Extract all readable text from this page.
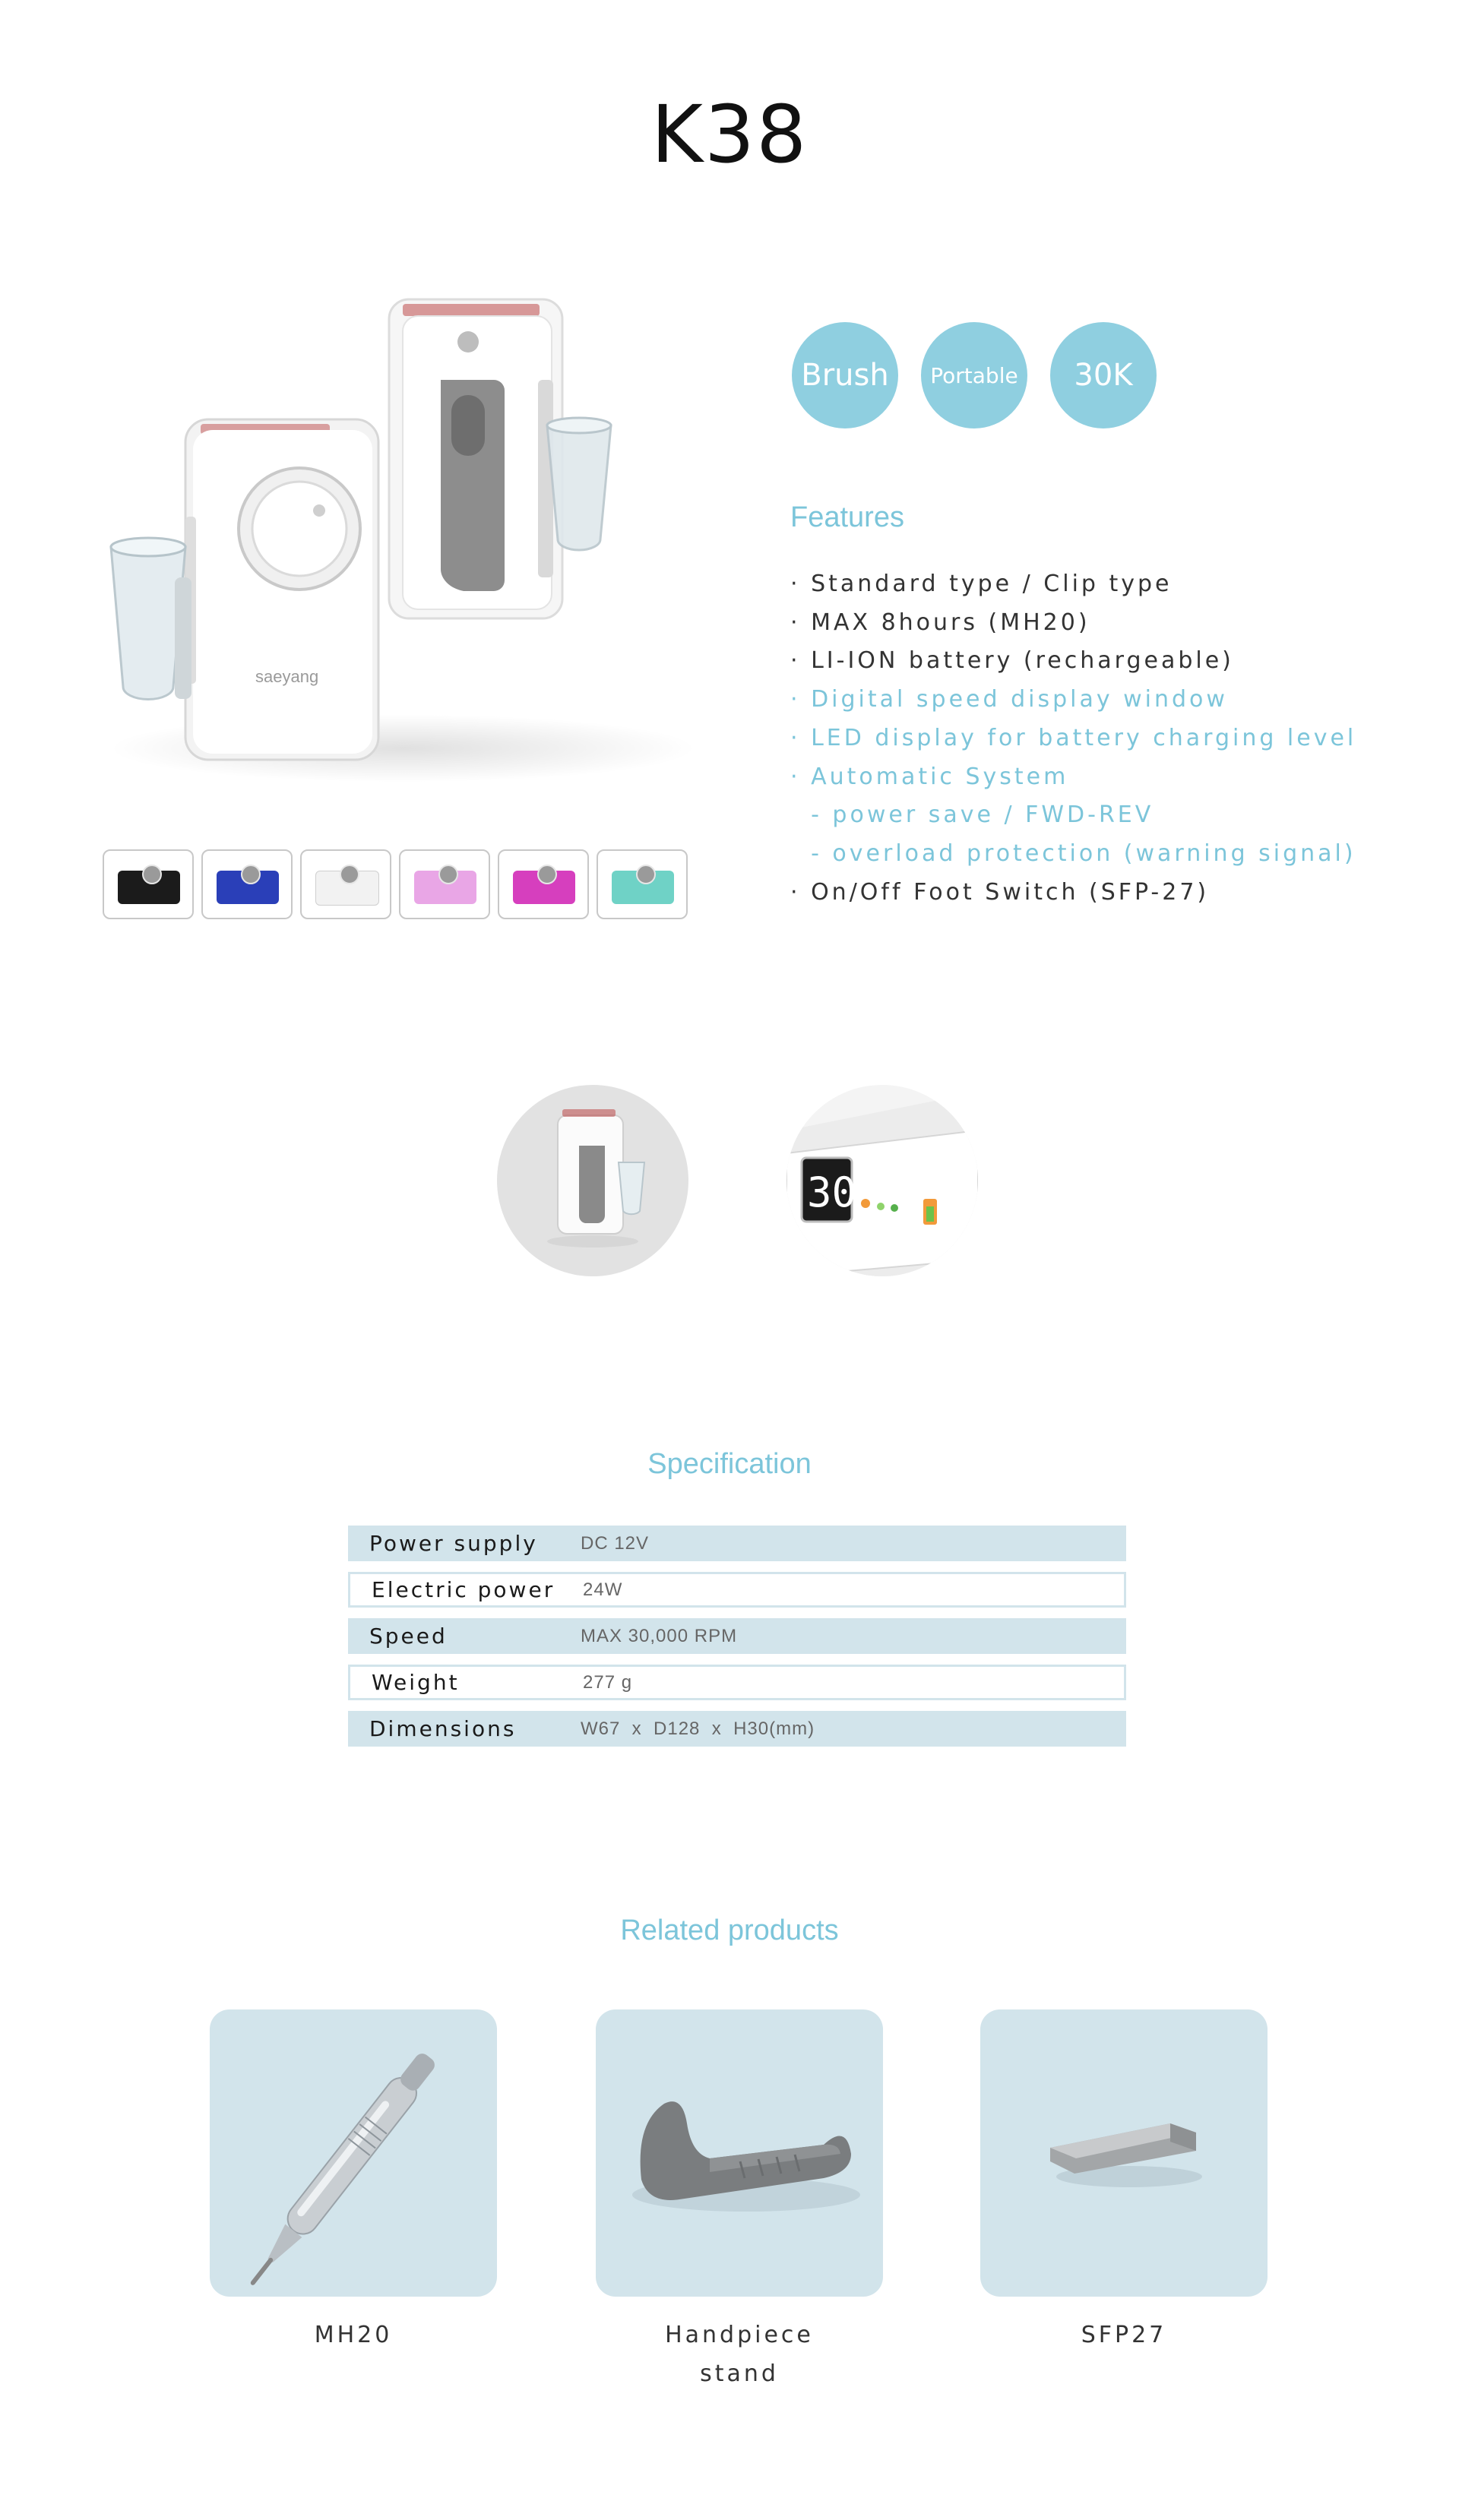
K38
saeyang
Brush	Portable	30K
Features
· Standard type / Clip type
· MAX 8hours (MH20)
· LI-ION battery (rechargeable)
· Digital speed display window
· LED display for battery charging level
· Automatic System
- power save / FWD-REV
- overload protection (warning signal)
· On/Off Foot Switch (SFP-27)
30
Specification
Power supply	DC 12V
Electric power	24W
Speed	MAX 30,000 RPM
Weight	277 g
Dimensions	W67  x  D128  x  H30(mm)
Related products
MH20	Handpiece
stand
SFP27
